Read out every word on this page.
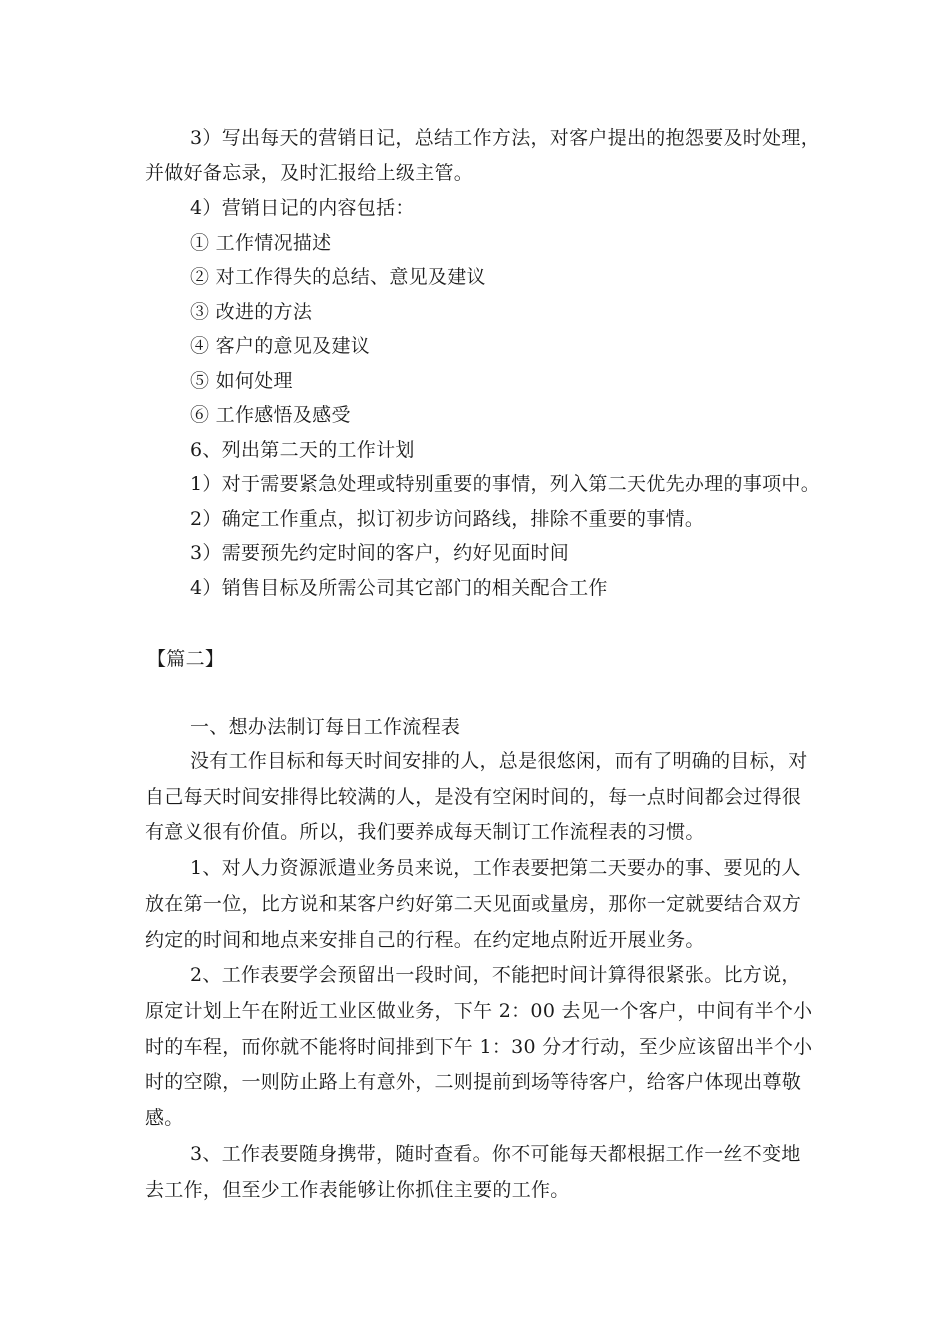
3）写出每天的营销日记，总结工作方法，对客户提出的抱怨要及时处理，
并做好备忘录，及时汇报给上级主管。
4）营销日记的内容包括：
① 工作情况描述
② 对工作得失的总结、意见及建议
③ 改进的方法
④ 客户的意见及建议
⑤ 如何处理
⑥ 工作感悟及感受
6、列出第二天的工作计划
1）对于需要紧急处理或特别重要的事情，列入第二天优先办理的事项中。
2）确定工作重点，拟订初步访问路线，排除不重要的事情。
3）需要预先约定时间的客户，约好见面时间
4）销售目标及所需公司其它部门的相关配合工作
【篇二】
一、想办法制订每日工作流程表
没有工作目标和每天时间安排的人，总是很悠闲，而有了明确的目标，对
自己每天时间安排得比较满的人，是没有空闲时间的，每一点时间都会过得很
有意义很有价值。所以，我们要养成每天制订工作流程表的习惯。
1、对人力资源派遣业务员来说，工作表要把第二天要办的事、要见的人
放在第一位，比方说和某客户约好第二天见面或量房，那你一定就要结合双方
约定的时间和地点来安排自己的行程。在约定地点附近开展业务。
2、工作表要学会预留出一段时间，不能把时间计算得很紧张。比方说，
原定计划上午在附近工业区做业务，下午 2：00 去见一个客户，中间有半个小
时的车程，而你就不能将时间排到下午 1：30 分才行动，至少应该留出半个小
时的空隙，一则防止路上有意外，二则提前到场等待客户，给客户体现出尊敬
感。
3、工作表要随身携带，随时查看。你不可能每天都根据工作一丝不变地
去工作，但至少工作表能够让你抓住主要的工作。
